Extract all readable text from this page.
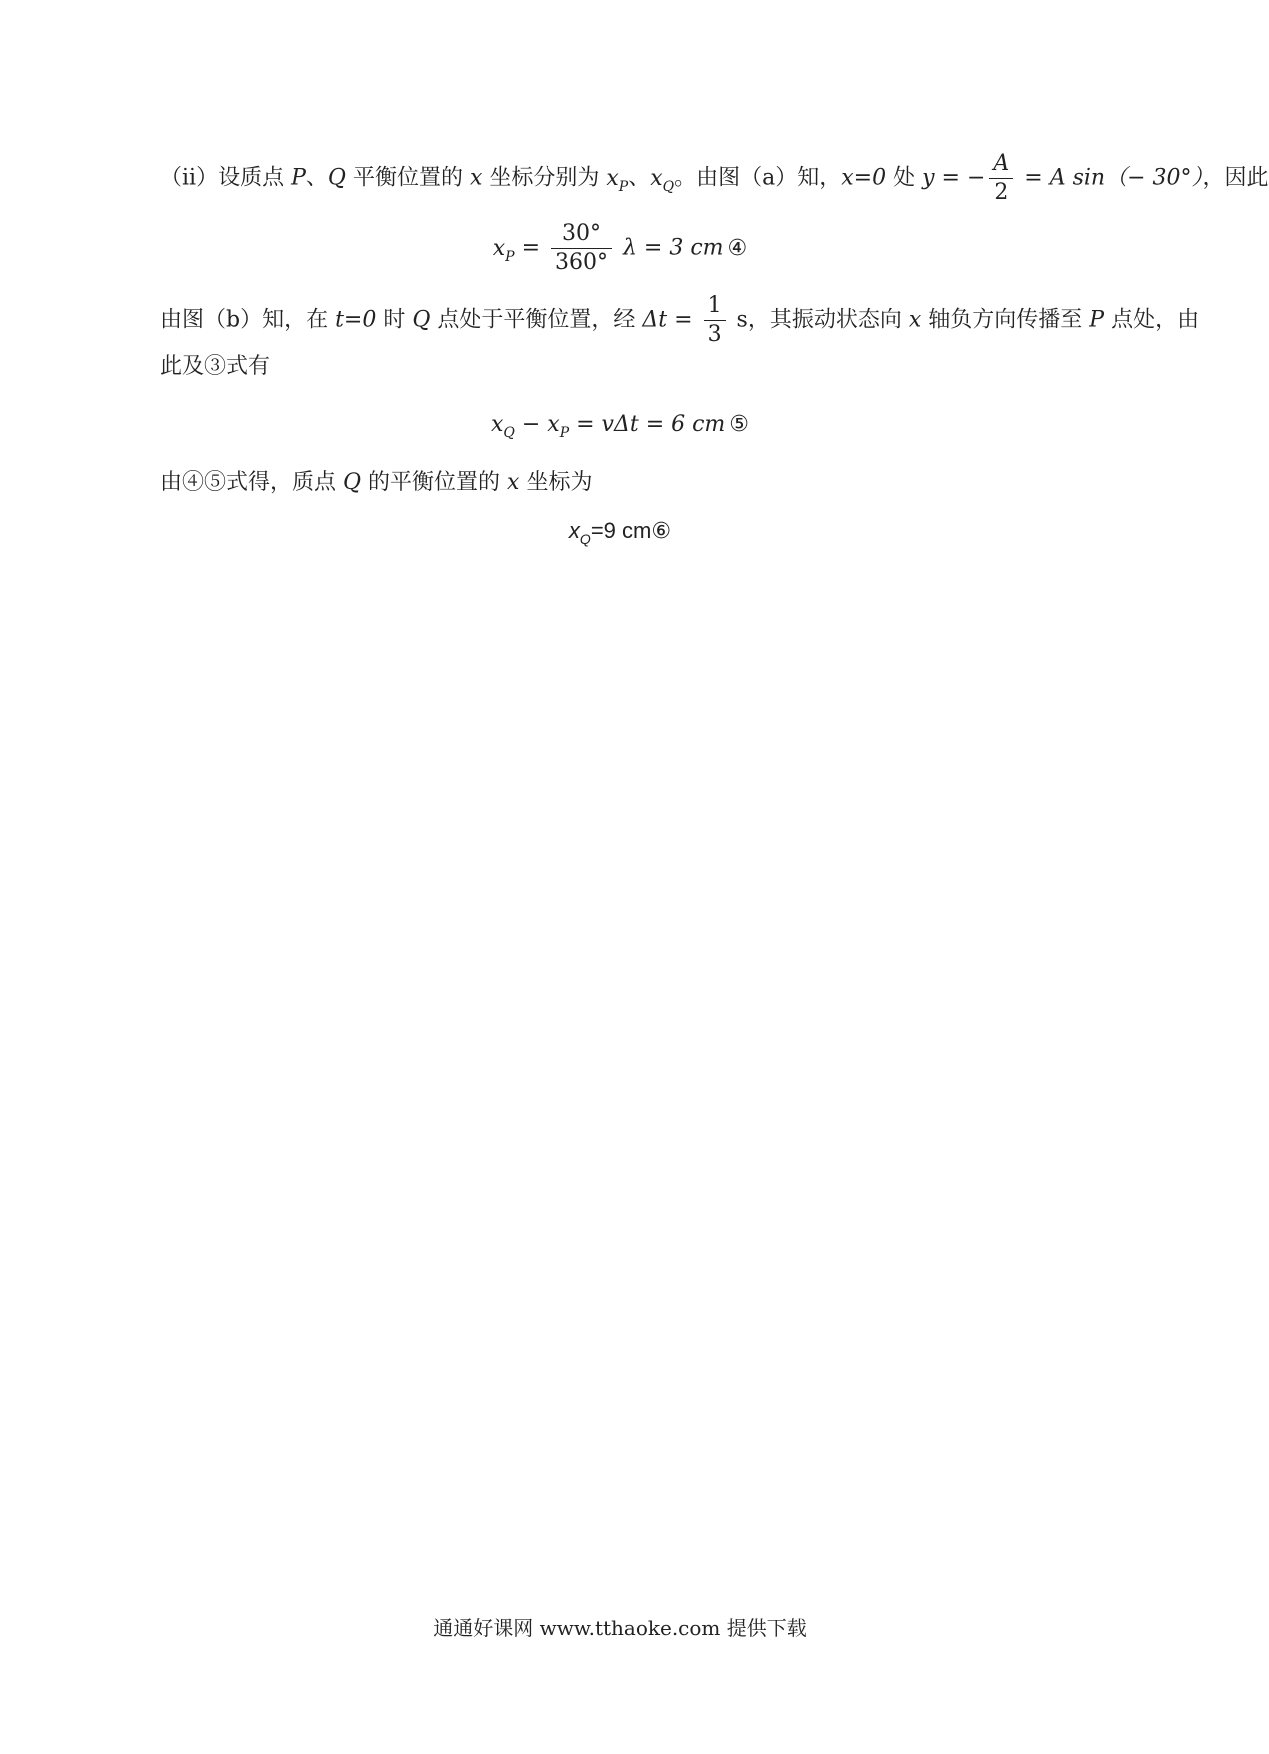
（ii）设质点 P、Q 平衡位置的 x 坐标分别为 $x_P$、$x_Q$。由图（a）知，x=0 处 y = − $\frac{A}{2} = A$ sin（− 30°），因此
$x_P = \frac{30^\circ}{360^\circ}$ λ = 3 cm ④
由图（b）知，在 t=0 时 Q 点处于平衡位置，经 $\Delta t = \frac{1}{3}$ s，其振动状态向 x 轴负方向传播至 P 点处，由
此及③式有
$x_Q - x_P = v\Delta t = 6$ cm ⑤
由④⑤式得，质点 Q 的平衡位置的 x 坐标为
$x_Q=9$ cm⑥
通通好课网 www.tthaoke.com 提供下载
